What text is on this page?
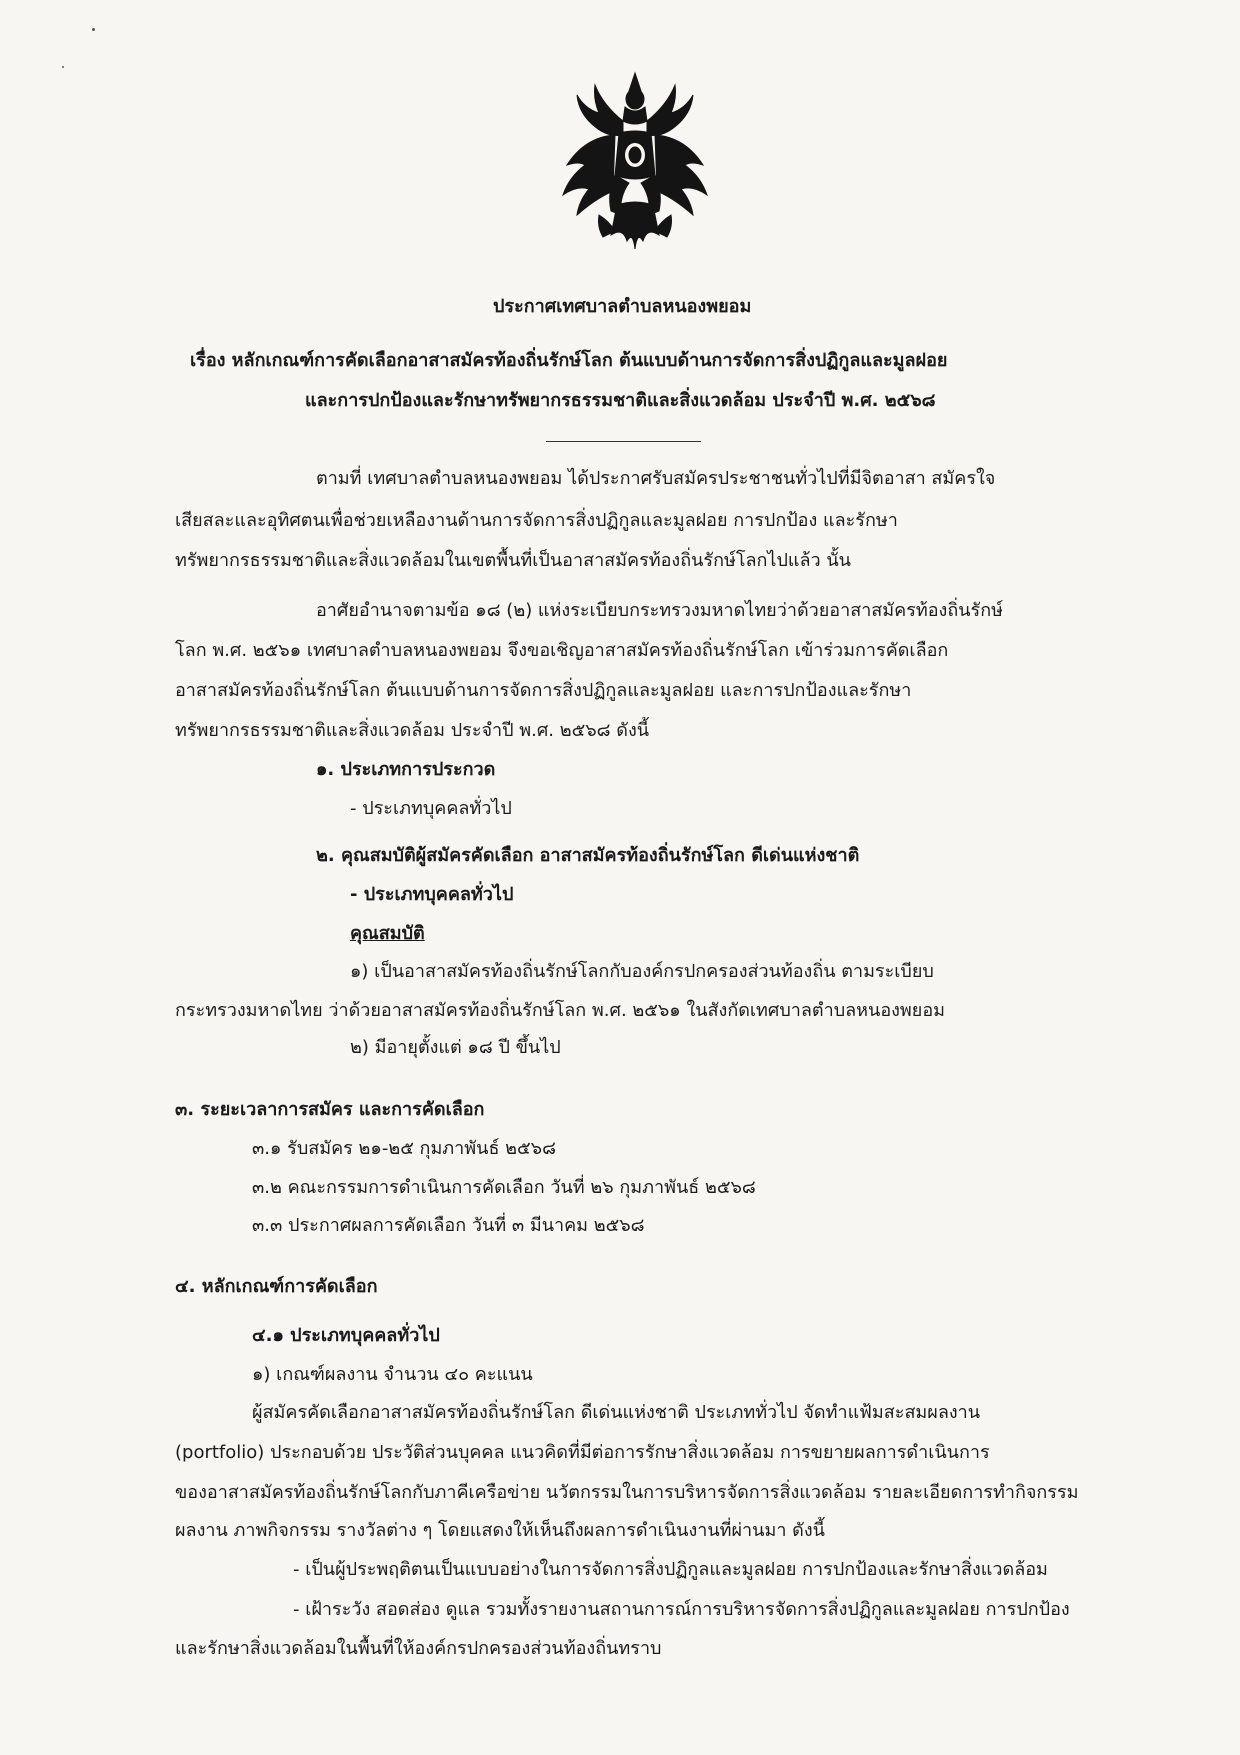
ประกาศเทศบาลตำบลหนองพยอม
เรื่อง หลักเกณฑ์การคัดเลือกอาสาสมัครท้องถิ่นรักษ์โลก ต้นแบบด้านการจัดการสิ่งปฏิกูลและมูลฝอย
และการปกป้องและรักษาทรัพยากรธรรมชาติและสิ่งแวดล้อม ประจำปี พ.ศ. ๒๕๖๘
ตามที่ เทศบาลตำบลหนองพยอม ได้ประกาศรับสมัครประชาชนทั่วไปที่มีจิตอาสา สมัครใจ
เสียสละและอุทิศตนเพื่อช่วยเหลืองานด้านการจัดการสิ่งปฏิกูลและมูลฝอย การปกป้อง และรักษา
ทรัพยากรธรรมชาติและสิ่งแวดล้อมในเขตพื้นที่เป็นอาสาสมัครท้องถิ่นรักษ์โลกไปแล้ว นั้น
อาศัยอำนาจตามข้อ ๑๘ (๒) แห่งระเบียบกระทรวงมหาดไทยว่าด้วยอาสาสมัครท้องถิ่นรักษ์
โลก พ.ศ. ๒๕๖๑ เทศบาลตำบลหนองพยอม จึงขอเชิญอาสาสมัครท้องถิ่นรักษ์โลก เข้าร่วมการคัดเลือก
อาสาสมัครท้องถิ่นรักษ์โลก ต้นแบบด้านการจัดการสิ่งปฏิกูลและมูลฝอย และการปกป้องและรักษา
ทรัพยากรธรรมชาติและสิ่งแวดล้อม ประจำปี พ.ศ. ๒๕๖๘ ดังนี้
๑. ประเภทการประกวด
- ประเภทบุคคลทั่วไป
๒. คุณสมบัติผู้สมัครคัดเลือก อาสาสมัครท้องถิ่นรักษ์โลก ดีเด่นแห่งชาติ
- ประเภทบุคคลทั่วไป
คุณสมบัติ
๑) เป็นอาสาสมัครท้องถิ่นรักษ์โลกกับองค์กรปกครองส่วนท้องถิ่น ตามระเบียบ
กระทรวงมหาดไทย ว่าด้วยอาสาสมัครท้องถิ่นรักษ์โลก พ.ศ. ๒๕๖๑ ในสังกัดเทศบาลตำบลหนองพยอม
๒) มีอายุตั้งแต่ ๑๘ ปี ขึ้นไป
๓. ระยะเวลาการสมัคร และการคัดเลือก
๓.๑ รับสมัคร ๒๑-๒๕ กุมภาพันธ์ ๒๕๖๘
๓.๒ คณะกรรมการดำเนินการคัดเลือก วันที่ ๒๖ กุมภาพันธ์ ๒๕๖๘
๓.๓ ประกาศผลการคัดเลือก วันที่ ๓ มีนาคม ๒๕๖๘
๔. หลักเกณฑ์การคัดเลือก
๔.๑ ประเภทบุคคลทั่วไป
๑) เกณฑ์ผลงาน จำนวน ๔๐ คะแนน
ผู้สมัครคัดเลือกอาสาสมัครท้องถิ่นรักษ์โลก ดีเด่นแห่งชาติ ประเภททั่วไป จัดทำแฟ้มสะสมผลงาน
(portfolio) ประกอบด้วย ประวัติส่วนบุคคล แนวคิดที่มีต่อการรักษาสิ่งแวดล้อม การขยายผลการดำเนินการ
ของอาสาสมัครท้องถิ่นรักษ์โลกกับภาคีเครือข่าย นวัตกรรมในการบริหารจัดการสิ่งแวดล้อม รายละเอียดการทำกิจกรรม
ผลงาน ภาพกิจกรรม รางวัลต่าง ๆ โดยแสดงให้เห็นถึงผลการดำเนินงานที่ผ่านมา ดังนี้
- เป็นผู้ประพฤติตนเป็นแบบอย่างในการจัดการสิ่งปฏิกูลและมูลฝอย การปกป้องและรักษาสิ่งแวดล้อม
- เฝ้าระวัง สอดส่อง ดูแล รวมทั้งรายงานสถานการณ์การบริหารจัดการสิ่งปฏิกูลและมูลฝอย การปกป้อง
และรักษาสิ่งแวดล้อมในพื้นที่ให้องค์กรปกครองส่วนท้องถิ่นทราบ
